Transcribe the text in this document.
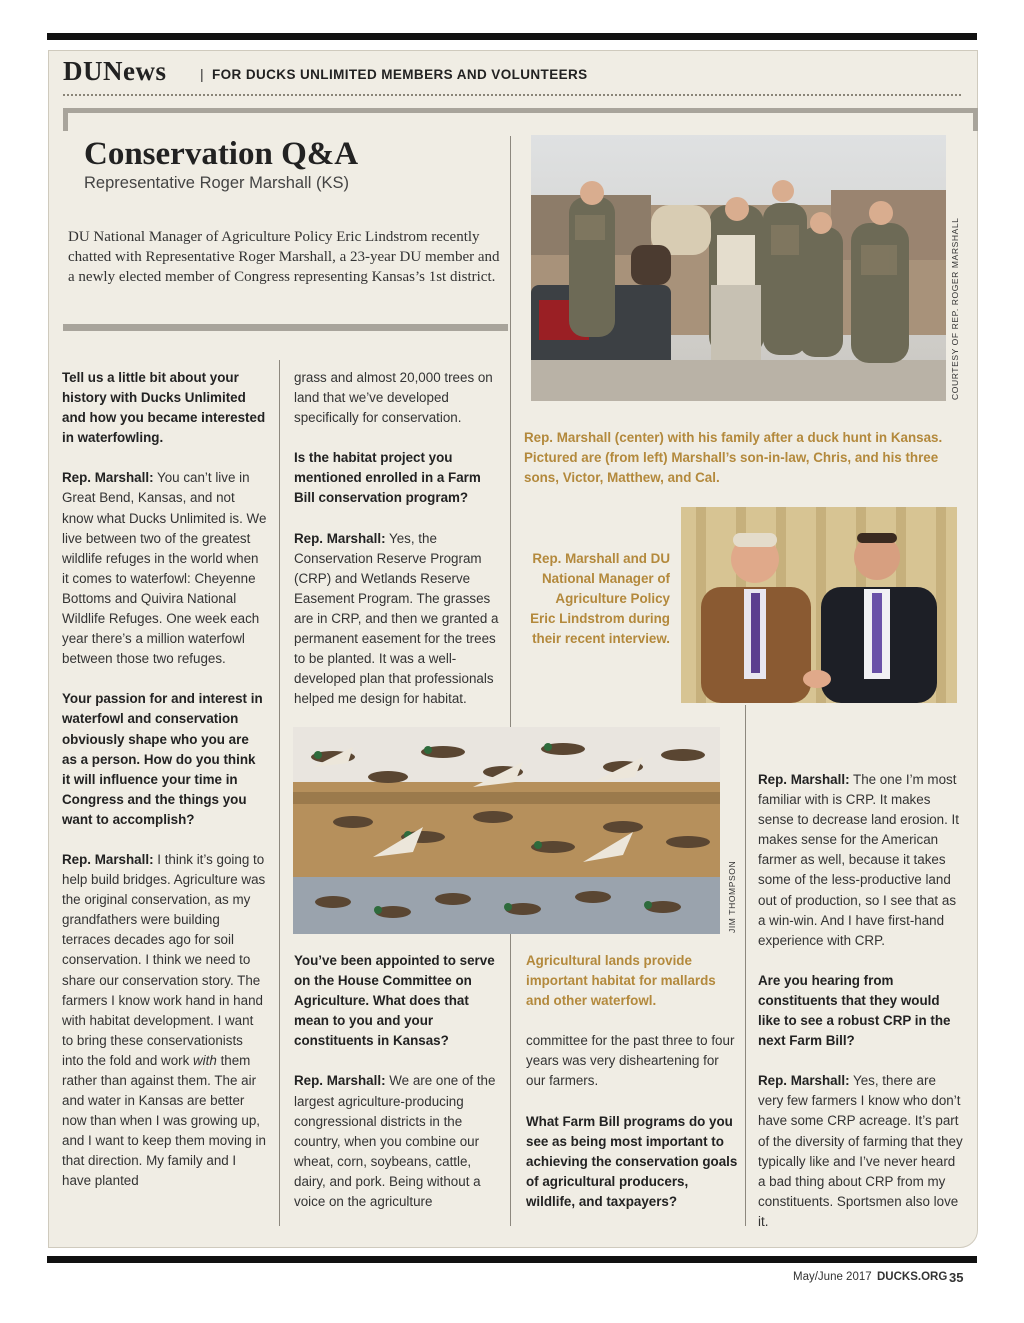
DUNews | FOR DUCKS UNLIMITED MEMBERS AND VOLUNTEERS
Conservation Q&A
Representative Roger Marshall (KS)
DU National Manager of Agriculture Policy Eric Lindstrom recently chatted with Representative Roger Marshall, a 23-year DU member and a newly elected member of Congress representing Kansas’s 1st district.	COURTESY OF REP. ROGER MARSHALL
Rep. Marshall (center) with his family after a duck hunt in Kansas. Pictured are (from left) Marshall’s son-in-law, Chris, and his three sons, Victor, Matthew, and Cal.
Rep. Marshall and DU National Manager of Agriculture Policy Eric Lindstrom during their recent interview.
JIM THOMPSON

Tell us a little bit about your history with Ducks Unlimited and how you became interested in waterfowling.

Rep. Marshall: You can’t live in Great Bend, Kansas, and not know what Ducks Unlimited is. We live between two of the greatest wildlife refuges in the world when it comes to waterfowl: Cheyenne Bottoms and Quivira National Wildlife Refuges. One week each year there’s a million waterfowl between those two refuges.

Your passion for and interest in waterfowl and conservation obviously shape who you are as a person. How do you think it will influence your time in Congress and the things you want to accomplish?

Rep. Marshall: I think it’s going to help build bridges. Agriculture was the original conservation, as my grandfathers were building terraces decades ago for soil conservation. I think we need to share our conservation story. The farmers I know work hand in hand with habitat development. I want to bring these conservationists into the fold and work with them rather than against them. The air and water in Kansas are better now than when I was growing up, and I want to keep them moving in that direction. My family and I have planted

grass and almost 20,000 trees on land that we’ve developed specifically for conservation.

Is the habitat project you mentioned enrolled in a Farm Bill conservation program?

Rep. Marshall: Yes, the Conservation Reserve Program (CRP) and Wetlands Reserve Easement Program. The grasses are in CRP, and then we granted a permanent easement for the trees to be planted. It was a well-developed plan that professionals helped me design for habitat.

You’ve been appointed to serve on the House Committee on Agriculture. What does that mean to you and your constituents in Kansas?

Rep. Marshall: We are one of the largest agriculture-producing congressional districts in the country, when you combine our wheat, corn, soybeans, cattle, dairy, and pork. Being without a voice on the agriculture

Agricultural lands provide important habitat for mallards and other waterfowl.

committee for the past three to four years was very disheartening for our farmers.

What Farm Bill programs do you see as being most important to achieving the conservation goals of agricultural producers, wildlife, and taxpayers?

Rep. Marshall: The one I’m most familiar with is CRP. It makes sense to decrease land erosion. It makes sense for the American farmer as well, because it takes some of the less-productive land out of production, so I see that as a win-win. And I have first-hand experience with CRP.

Are you hearing from constituents that they would like to see a robust CRP in the next Farm Bill?

Rep. Marshall: Yes, there are very few farmers I know who don’t have some CRP acreage. It’s part of the diversity of farming that they typically like and I’ve never heard a bad thing about CRP from my constituents. Sportsmen also love it.

May/June 2017 DUCKS.ORG 35
